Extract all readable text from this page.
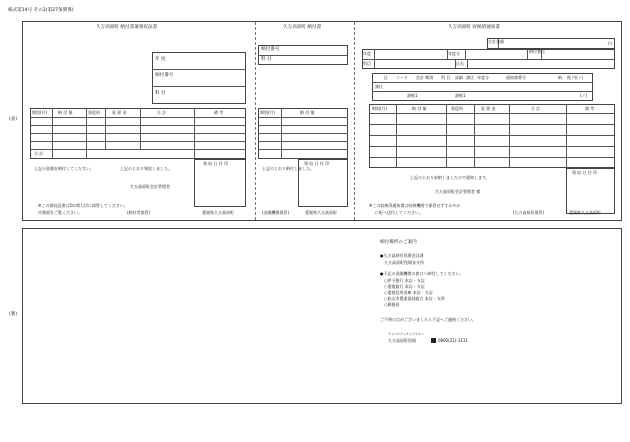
様式第14号 その2(第27条関係)
(表)
(裏)
久万高原町 納付書兼領収証書
年 度
納付番号
科 目
期別(月)	納 付 額	督促料	延 滞 金	合 計	備 考
合 計
上記の金額を納付してください。	上記のとおり領収しました。
久万高原町会計管理者
領 収 日 付 印
※この領収証書は5年間大切に保管してください。
市書面をご覧ください。	(納付者保管)	愛媛県久万高原町
久万高原町 納付書
納付番号
科 目
期別(月)	納 付 額
上記のとおり納付しました。
領 収 日 付 印
(金融機関保管)	愛媛県久万高原町
久万高原町 収納済通知書
合計金額	円
年度	年度分	納付番号
科目	氏名
区 コード 会計 期別 科 目 詳細 課区 年度分	通知書番号	納 税 内(ノ)
課区
課税1	課税1	(ノ)
期別(月)	納 付 額	督促料	延 滞 金	合 計	備 考
上記のとおり収納しましたので通知します。
久万高原町会計管理者 様
領 収 日 付 印
※この収納済通知書は収納機関で保管せずすみやか
に町へ送付してください。	(久万高原町保管)	愛媛県久万高原町
納付場所のご案内
●久万高原町役場会計課
久万高原町役場各支所
●下記の金融機関の窓口へ納付してください。
○伊予銀行 本店・支店
○愛媛銀行 本店・支店
○愛媛信用金庫 本店・支店
○松山市農業協同組合 本店・支所
○郵便局
ご不明の点がございましたら下記へご連絡ください。
クマコウゲンチョウヤクバ
久万高原町役場	0892(21)-1111
